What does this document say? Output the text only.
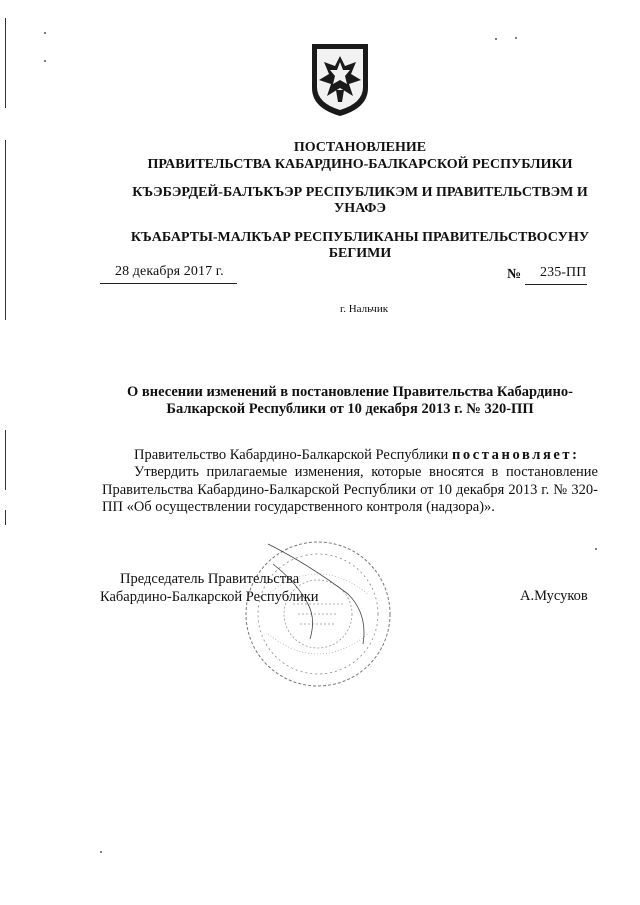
ПОСТАНОВЛЕНИЕ
ПРАВИТЕЛЬСТВА КАБАРДИНО-БАЛКАРСКОЙ РЕСПУБЛИКИ
КЪЭБЭРДЕЙ-БАЛЪКЪЭР РЕСПУБЛИКЭМ И ПРАВИТЕЛЬСТВЭМ И
УНАФЭ
КЪАБАРТЫ-МАЛКЪАР РЕСПУБЛИКАНЫ ПРАВИТЕЛЬСТВОСУНУ
БЕГИМИ
28 декабря 2017 г.	№ 235-ПП
г. Нальчик
О внесении изменений в постановление Правительства Кабардино-
Балкарской Республики от 10 декабря 2013 г. № 320-ПП
Правительство Кабардино-Балкарской Республики постановляет:
Утвердить прилагаемые изменения, которые вносятся в постановление Правительства Кабардино-Балкарской Республики от 10 декабря 2013 г. № 320-ПП «Об осуществлении государственного контроля (надзора)».
Председатель Правительства
Кабардино-Балкарской Республики	А.Мусуков
